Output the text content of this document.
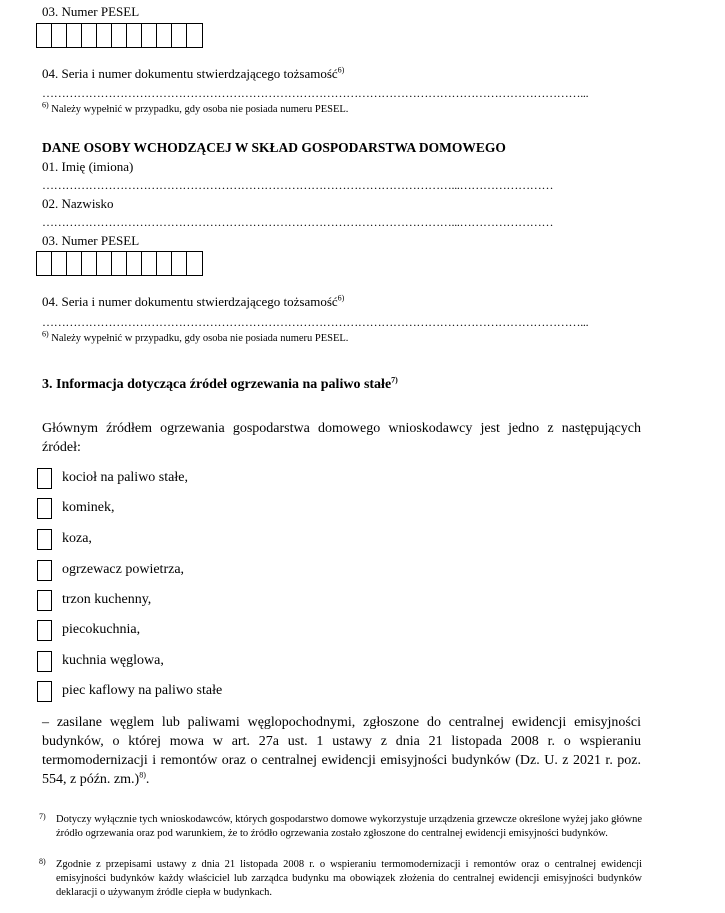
03. Numer PESEL
04. Seria i numer dokumentu stwierdzającego tożsamość$^{6)}$
…………………………………………………………………………………………………………………………...
$^{6)}$ Należy wypełnić w przypadku, gdy osoba nie posiada numeru PESEL.
DANE OSOBY WCHODZĄCEJ W SKŁAD GOSPODARSTWA DOMOWEGO
01. Imię (imiona)
……………………………………………………………………………………………...……………………
02. Nazwisko
……………………………………………………………………………………………...……………………
03. Numer PESEL
04. Seria i numer dokumentu stwierdzającego tożsamość$^{6)}$
…………………………………………………………………………………………………………………………...
$^{6)}$ Należy wypełnić w przypadku, gdy osoba nie posiada numeru PESEL.
3. Informacja dotycząca źródeł ogrzewania na paliwo stałe$^{7)}$
Głównym źródłem ogrzewania gospodarstwa domowego wnioskodawcy jest jedno z następujących źródeł:
kocioł na paliwo stałe,
kominek,
koza,
ogrzewacz powietrza,
trzon kuchenny,
piecokuchnia,
kuchnia węglowa,
piec kaflowy na paliwo stałe
– zasilane węglem lub paliwami węglopochodnymi, zgłoszone do centralnej ewidencji emisyjności budynków, o której mowa w art. 27a ust. 1 ustawy z dnia 21 listopada 2008 r. o wspieraniu termomodernizacji i remontów oraz o centralnej ewidencji emisyjności budynków (Dz. U. z 2021 r. poz. 554, z późn. zm.)$^{8)}$.
7) Dotyczy wyłącznie tych wnioskodawców, których gospodarstwo domowe wykorzystuje urządzenia grzewcze określone wyżej jako główne źródło ogrzewania oraz pod warunkiem, że to źródło ogrzewania zostało zgłoszone do centralnej ewidencji emisyjności budynków.
8) Zgodnie z przepisami ustawy z dnia 21 listopada 2008 r. o wspieraniu termomodernizacji i remontów oraz o centralnej ewidencji emisyjności budynków każdy właściciel lub zarządca budynku ma obowiązek złożenia do centralnej ewidencji emisyjności budynków deklaracji o używanym źródle ciepła w budynkach.
